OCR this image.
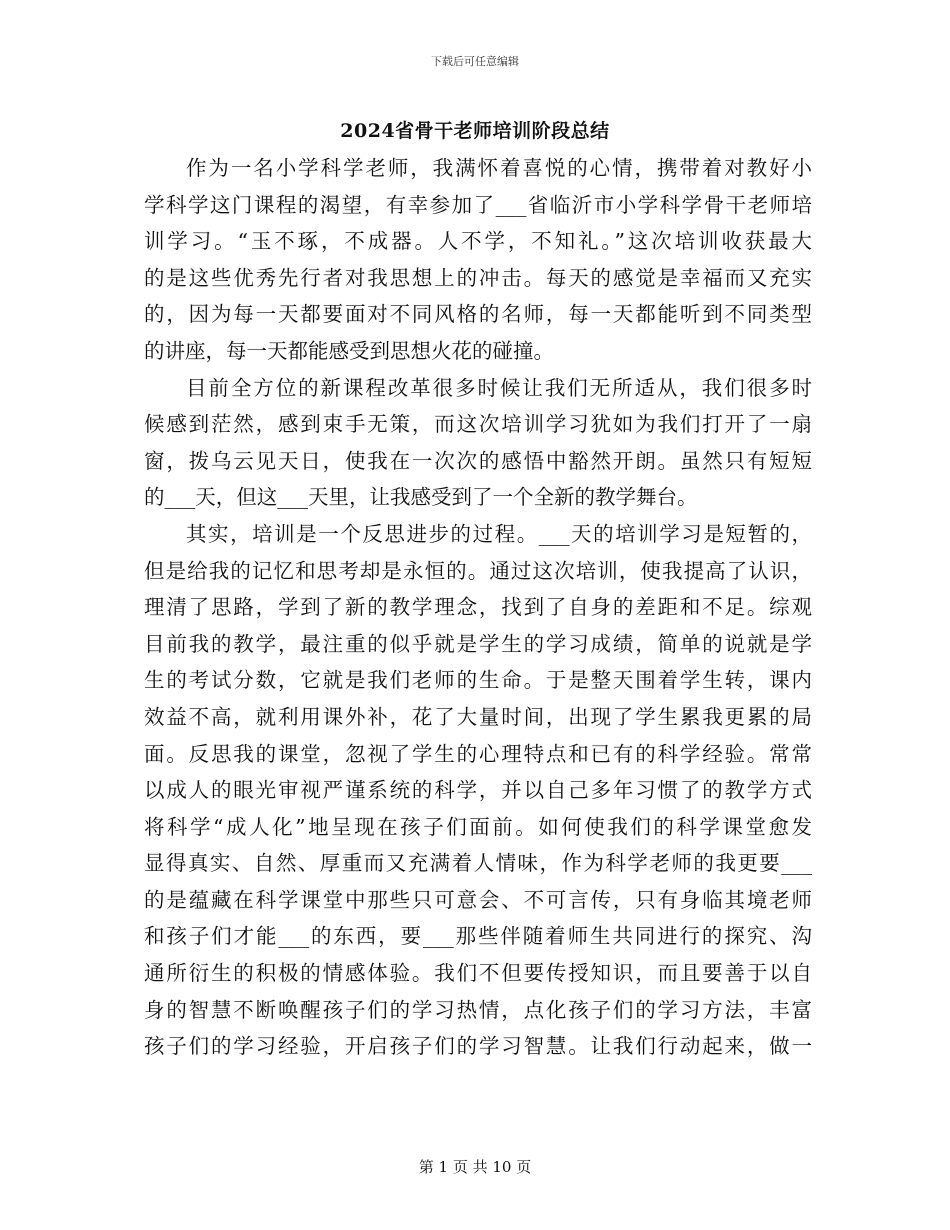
下载后可任意编辑
2024省骨干老师培训阶段总结
作为一名小学科学老师，我满怀着喜悦的心情，携带着对教好小
学科学这门课程的渴望，有幸参加了___省临沂市小学科学骨干老师培
训学习。“玉不琢，不成器。人不学，不知礼。”这次培训收获最大
的是这些优秀先行者对我思想上的冲击。每天的感觉是幸福而又充实
的，因为每一天都要面对不同风格的名师，每一天都能听到不同类型
的讲座，每一天都能感受到思想火花的碰撞。
目前全方位的新课程改革很多时候让我们无所适从，我们很多时
候感到茫然，感到束手无策，而这次培训学习犹如为我们打开了一扇
窗，拨乌云见天日，使我在一次次的感悟中豁然开朗。虽然只有短短
的___天，但这___天里，让我感受到了一个全新的教学舞台。
其实，培训是一个反思进步的过程。___天的培训学习是短暂的，
但是给我的记忆和思考却是永恒的。通过这次培训，使我提高了认识，
理清了思路，学到了新的教学理念，找到了自身的差距和不足。综观
目前我的教学，最注重的似乎就是学生的学习成绩，简单的说就是学
生的考试分数，它就是我们老师的生命。于是整天围着学生转，课内
效益不高，就利用课外补，花了大量时间，出现了学生累我更累的局
面。反思我的课堂，忽视了学生的心理特点和已有的科学经验。常常
以成人的眼光审视严谨系统的科学，并以自己多年习惯了的教学方式
将科学“成人化”地呈现在孩子们面前。如何使我们的科学课堂愈发
显得真实、自然、厚重而又充满着人情味，作为科学老师的我更要___
的是蕴藏在科学课堂中那些只可意会、不可言传，只有身临其境老师
和孩子们才能___的东西，要___那些伴随着师生共同进行的探究、沟
通所衍生的积极的情感体验。我们不但要传授知识，而且要善于以自
身的智慧不断唤醒孩子们的学习热情，点化孩子们的学习方法，丰富
孩子们的学习经验，开启孩子们的学习智慧。让我们行动起来，做一
第 1 页 共 10 页
